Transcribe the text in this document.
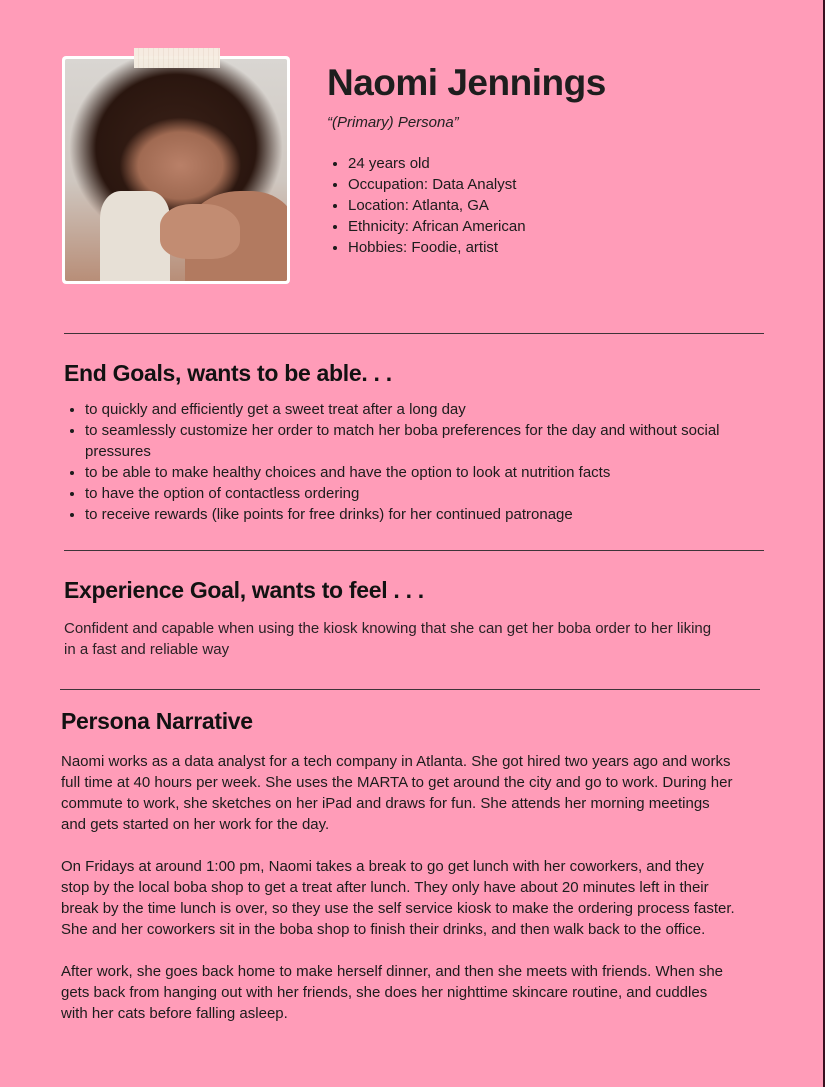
Naomi Jennings
“(Primary) Persona”
• 24 years old
• Occupation: Data Analyst
• Location: Atlanta, GA
• Ethnicity: African American
• Hobbies: Foodie, artist
End Goals, wants to be able. . .
• to quickly and efficiently get a sweet treat after a long day
• to seamlessly customize her order to match her boba preferences for the day and without social pressures
• to be able to make healthy choices and have the option to look at nutrition facts
• to have the option of contactless ordering
• to receive rewards (like points for free drinks) for her continued patronage
Experience Goal, wants to feel . . .

Confident and capable when using the kiosk knowing that she can get her boba order to her liking in a fast and reliable way

Persona Narrative

Naomi works as a data analyst for a tech company in Atlanta. She got hired two years ago and works full time at 40 hours per week. She uses the MARTA to get around the city and go to work. During her commute to work, she sketches on her iPad and draws for fun. She attends her morning meetings and gets started on her work for the day.

On Fridays at around 1:00 pm, Naomi takes a break to go get lunch with her coworkers, and they stop by the local boba shop to get a treat after lunch. They only have about 20 minutes left in their break by the time lunch is over, so they use the self service kiosk to make the ordering process faster. She and her coworkers sit in the boba shop to finish their drinks, and then walk back to the office.

After work, she goes back home to make herself dinner, and then she meets with friends. When she gets back from hanging out with her friends, she does her nighttime skincare routine, and cuddles with her cats before falling asleep.
